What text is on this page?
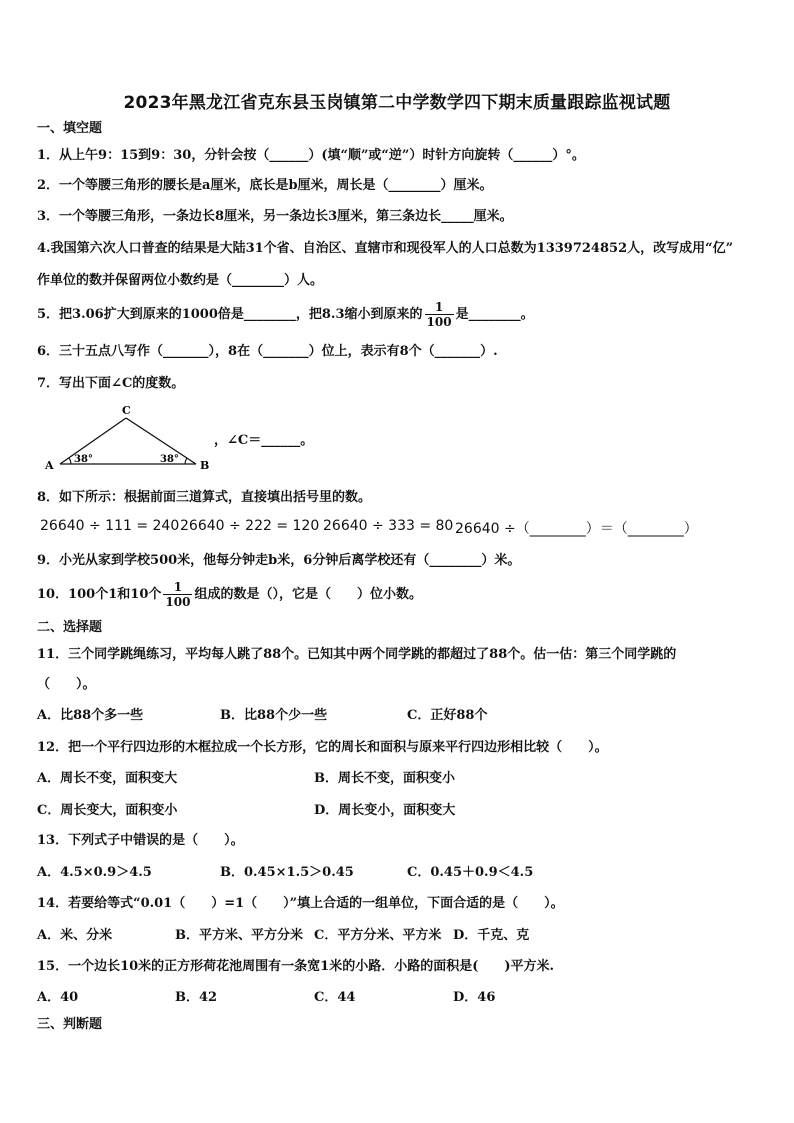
2023年黑龙江省克东县玉岗镇第二中学数学四下期末质量跟踪监视试题
一、填空题
1．从上午9：15到9：30，分针会按（______）(填“顺”或“逆”）时针方向旋转（______）°。
2．一个等腰三角形的腰长是a厘米，底长是b厘米，周长是（________）厘米。
3．一个等腰三角形，一条边长8厘米，另一条边长3厘米，第三条边长_____厘米。
4.我国第六次人口普查的结果是大陆31个省、自治区、直辖市和现役军人的人口总数为1339724852人，改写成用“亿”
作单位的数并保留两位小数约是（________）人。
5．把3.06扩大到原来的1000倍是________，把8.3缩小到原来的 $\frac{1}{100}$ 是________。
6．三十五点八写作（_______），8在（_______）位上，表示有8个（_______）.
7．写出下面∠C的度数。
C
A	B
38°	38°
，∠C＝______。
8．如下所示：根据前面三道算式，直接填出括号里的数。
26640 ÷ 111 = 240 26640 ÷ 222 = 120 26640 ÷ 333 = 80 26640 ÷（________）＝（________）
9．小光从家到学校500米，他每分钟走b米，6分钟后离学校还有（________）米。
10．100个1和10个 $\frac{1}{100}$ 组成的数是（），它是（　　）位小数。
二、选择题
11．三个同学跳绳练习，平均每人跳了88个。已知其中两个同学跳的都超过了88个。估一估：第三个同学跳的
（　　）。
A．比88个多一些	B．比88个少一些	C．正好88个
12．把一个平行四边形的木框拉成一个长方形，它的周长和面积与原来平行四边形相比较（　　）。
A．周长不变，面积变大	B．周长不变，面积变小
C．周长变大，面积变小	D．周长变小，面积变大
13．下列式子中错误的是（　　）。
A．4.5×0.9＞4.5	B．0.45×1.5＞0.45	C．0.45＋0.9＜4.5
14．若要给等式“0.01（　　）=1（　　）”填上合适的一组单位，下面合适的是（　　）。
A．米、分米	B．平方米、平方分米 C．平方分米、平方米 D．千克、克
15．一个边长10米的正方形荷花池周围有一条宽1米的小路．小路的面积是(　　)平方米.
A．40	B．42	C．44	D．46
三、判断题
